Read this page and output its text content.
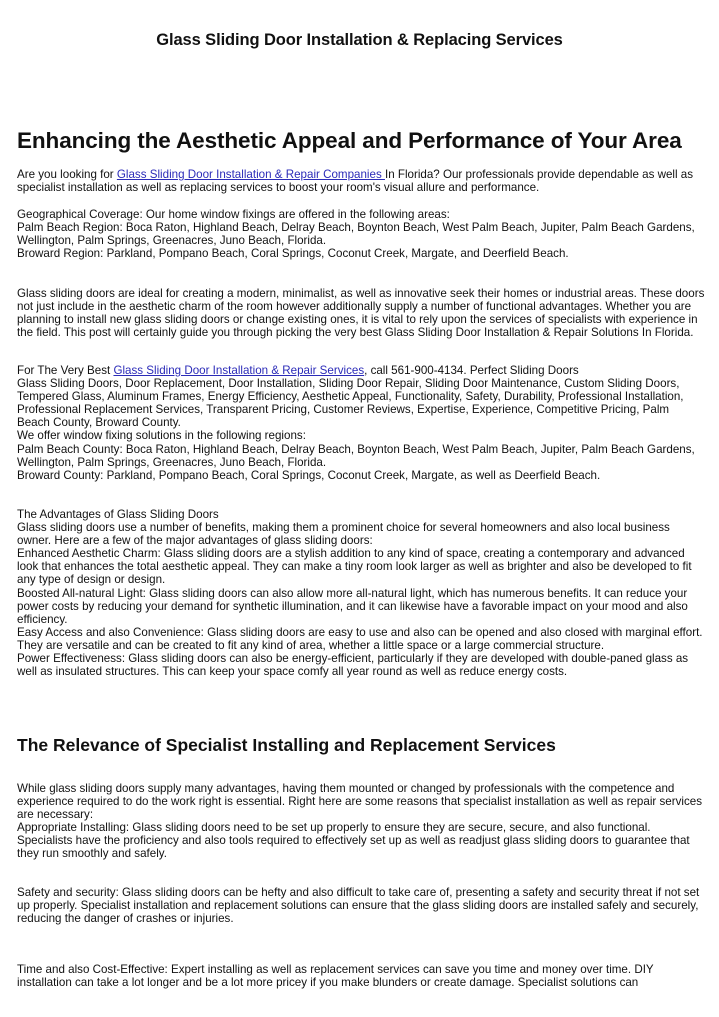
Glass Sliding Door Installation & Replacing Services
Enhancing the Aesthetic Appeal and Performance of Your Area

Are you looking for Glass Sliding Door Installation & Repair Companies In Florida? Our professionals provide dependable as well as specialist installation as well as replacing services to boost your room's visual allure and performance.

Geographical Coverage: Our home window fixings are offered in the following areas:
Palm Beach Region: Boca Raton, Highland Beach, Delray Beach, Boynton Beach, West Palm Beach, Jupiter, Palm Beach Gardens, Wellington, Palm Springs, Greenacres, Juno Beach, Florida.
Broward Region: Parkland, Pompano Beach, Coral Springs, Coconut Creek, Margate, and Deerfield Beach.

Glass sliding doors are ideal for creating a modern, minimalist, as well as innovative seek their homes or industrial areas. These doors not just include in the aesthetic charm of the room however additionally supply a number of functional advantages. Whether you are planning to install new glass sliding doors or change existing ones, it is vital to rely upon the services of specialists with experience in the field. This post will certainly guide you through picking the very best Glass Sliding Door Installation & Repair Solutions In Florida.

For The Very Best Glass Sliding Door Installation & Repair Services, call 561-900-4134. Perfect Sliding Doors
Glass Sliding Doors, Door Replacement, Door Installation, Sliding Door Repair, Sliding Door Maintenance, Custom Sliding Doors, Tempered Glass, Aluminum Frames, Energy Efficiency, Aesthetic Appeal, Functionality, Safety, Durability, Professional Installation, Professional Replacement Services, Transparent Pricing, Customer Reviews, Expertise, Experience, Competitive Pricing, Palm Beach County, Broward County.
We offer window fixing solutions in the following regions:
Palm Beach County: Boca Raton, Highland Beach, Delray Beach, Boynton Beach, West Palm Beach, Jupiter, Palm Beach Gardens, Wellington, Palm Springs, Greenacres, Juno Beach, Florida.
Broward County: Parkland, Pompano Beach, Coral Springs, Coconut Creek, Margate, as well as Deerfield Beach.

The Advantages of Glass Sliding Doors
Glass sliding doors use a number of benefits, making them a prominent choice for several homeowners and also local business owner. Here are a few of the major advantages of glass sliding doors:
Enhanced Aesthetic Charm: Glass sliding doors are a stylish addition to any kind of space, creating a contemporary and advanced look that enhances the total aesthetic appeal. They can make a tiny room look larger as well as brighter and also be developed to fit any type of design or design.
Boosted All-natural Light: Glass sliding doors can also allow more all-natural light, which has numerous benefits. It can reduce your power costs by reducing your demand for synthetic illumination, and it can likewise have a favorable impact on your mood and also efficiency.
Easy Access and also Convenience: Glass sliding doors are easy to use and also can be opened and also closed with marginal effort. They are versatile and can be created to fit any kind of area, whether a little space or a large commercial structure.
Power Effectiveness: Glass sliding doors can also be energy-efficient, particularly if they are developed with double-paned glass as well as insulated structures. This can keep your space comfy all year round as well as reduce energy costs.

The Relevance of Specialist Installing and Replacement Services

While glass sliding doors supply many advantages, having them mounted or changed by professionals with the competence and experience required to do the work right is essential. Right here are some reasons that specialist installation as well as repair services are necessary:
Appropriate Installing: Glass sliding doors need to be set up properly to ensure they are secure, secure, and also functional. Specialists have the proficiency and also tools required to effectively set up as well as readjust glass sliding doors to guarantee that they run smoothly and safely.

Safety and security: Glass sliding doors can be hefty and also difficult to take care of, presenting a safety and security threat if not set up properly. Specialist installation and replacement solutions can ensure that the glass sliding doors are installed safely and securely, reducing the danger of crashes or injuries.

Time and also Cost-Effective: Expert installing as well as replacement services can save you time and money over time. DIY installation can take a lot longer and be a lot more pricey if you make blunders or create damage. Specialist solutions can
